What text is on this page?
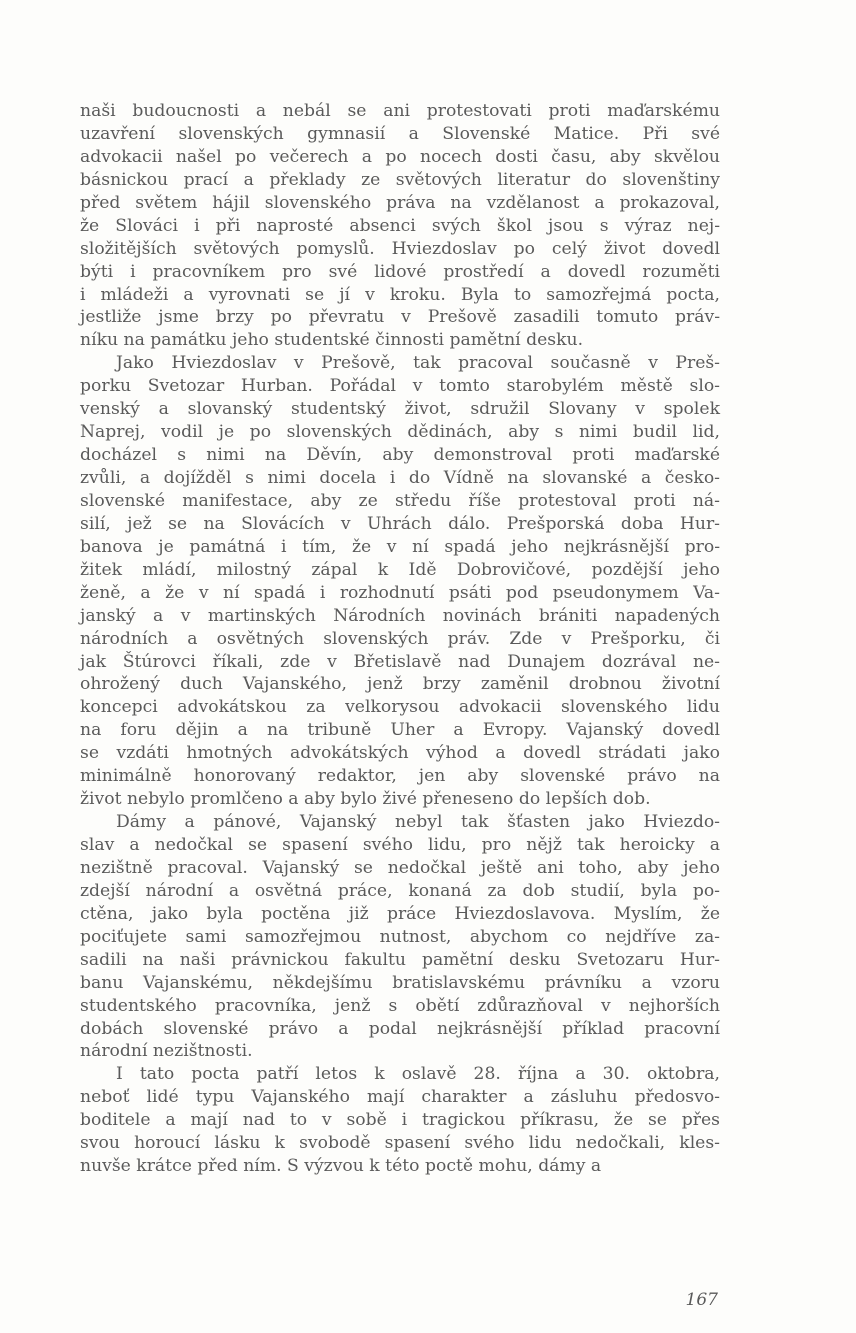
naši budoucnosti a nebál se ani protestovati proti maďarskému
uzavření slovenských gymnasií a Slovenské Matice. Při své
advokacii našel po večerech a po nocech dosti času, aby skvělou
básnickou prací a překlady ze světových literatur do slovenštiny
před světem hájil slovenského práva na vzdělanost a prokazoval,
že Slováci i při naprosté absenci svých škol jsou s výraz nej-
složitějších světových pomyslů. Hviezdoslav po celý život dovedl
býti i pracovníkem pro své lidové prostředí a dovedl rozuměti
i mládeži a vyrovnati se jí v kroku. Byla to samozřejmá pocta,
jestliže jsme brzy po převratu v Prešově zasadili tomuto práv-
níku na památku jeho studentské činnosti pamětní desku.
Jako Hviezdoslav v Prešově, tak pracoval současně v Preš-
porku Svetozar Hurban. Pořádal v tomto starobylém městě slo-
venský a slovanský studentský život, sdružil Slovany v spolek
Naprej, vodil je po slovenských dědinách, aby s nimi budil lid,
docházel s nimi na Děvín, aby demonstroval proti maďarské
zvůli, a dojížděl s nimi docela i do Vídně na slovanské a česko-
slovenské manifestace, aby ze středu říše protestoval proti ná-
silí, jež se na Slovácích v Uhrách dálo. Prešporská doba Hur-
banova je památná i tím, že v ní spadá jeho nejkrásnější pro-
žitek mládí, milostný zápal k Idě Dobrovičové, pozdější jeho
ženě, a že v ní spadá i rozhodnutí psáti pod pseudonymem Va-
janský a v martinských Národních novinách brániti napadených
národních a osvětných slovenských práv. Zde v Prešporku, či
jak Štúrovci říkali, zde v Břetislavě nad Dunajem dozrával ne-
ohrožený duch Vajanského, jenž brzy zaměnil drobnou životní
koncepci advokátskou za velkorysou advokacii slovenského lidu
na foru dějin a na tribuně Uher a Evropy. Vajanský dovedl
se vzdáti hmotných advokátských výhod a dovedl strádati jako
minimálně honorovaný redaktor, jen aby slovenské právo na
život nebylo promlčeno a aby bylo živé přeneseno do lepších dob.
Dámy a pánové, Vajanský nebyl tak šťasten jako Hviezdo-
slav a nedočkal se spasení svého lidu, pro nějž tak heroicky a
nezištně pracoval. Vajanský se nedočkal ještě ani toho, aby jeho
zdejší národní a osvětná práce, konaná za dob studií, byla po-
ctěna, jako byla poctěna již práce Hviezdoslavova. Myslím, že
pociťujete sami samozřejmou nutnost, abychom co nejdříve za-
sadili na naši právnickou fakultu pamětní desku Svetozaru Hur-
banu Vajanskému, někdejšímu bratislavskému právníku a vzoru
studentského pracovníka, jenž s obětí zdůrazňoval v nejhorších
dobách slovenské právo a podal nejkrásnější příklad pracovní
národní nezištnosti.
I tato pocta patří letos k oslavě 28. října a 30. oktobra,
neboť lidé typu Vajanského mají charakter a zásluhu předosvo-
boditele a mají nad to v sobě i tragickou příkrasu, že se přes
svou horoucí lásku k svobodě spasení svého lidu nedočkali, kles-
nuvše krátce před ním. S výzvou k této poctě mohu, dámy a
167
